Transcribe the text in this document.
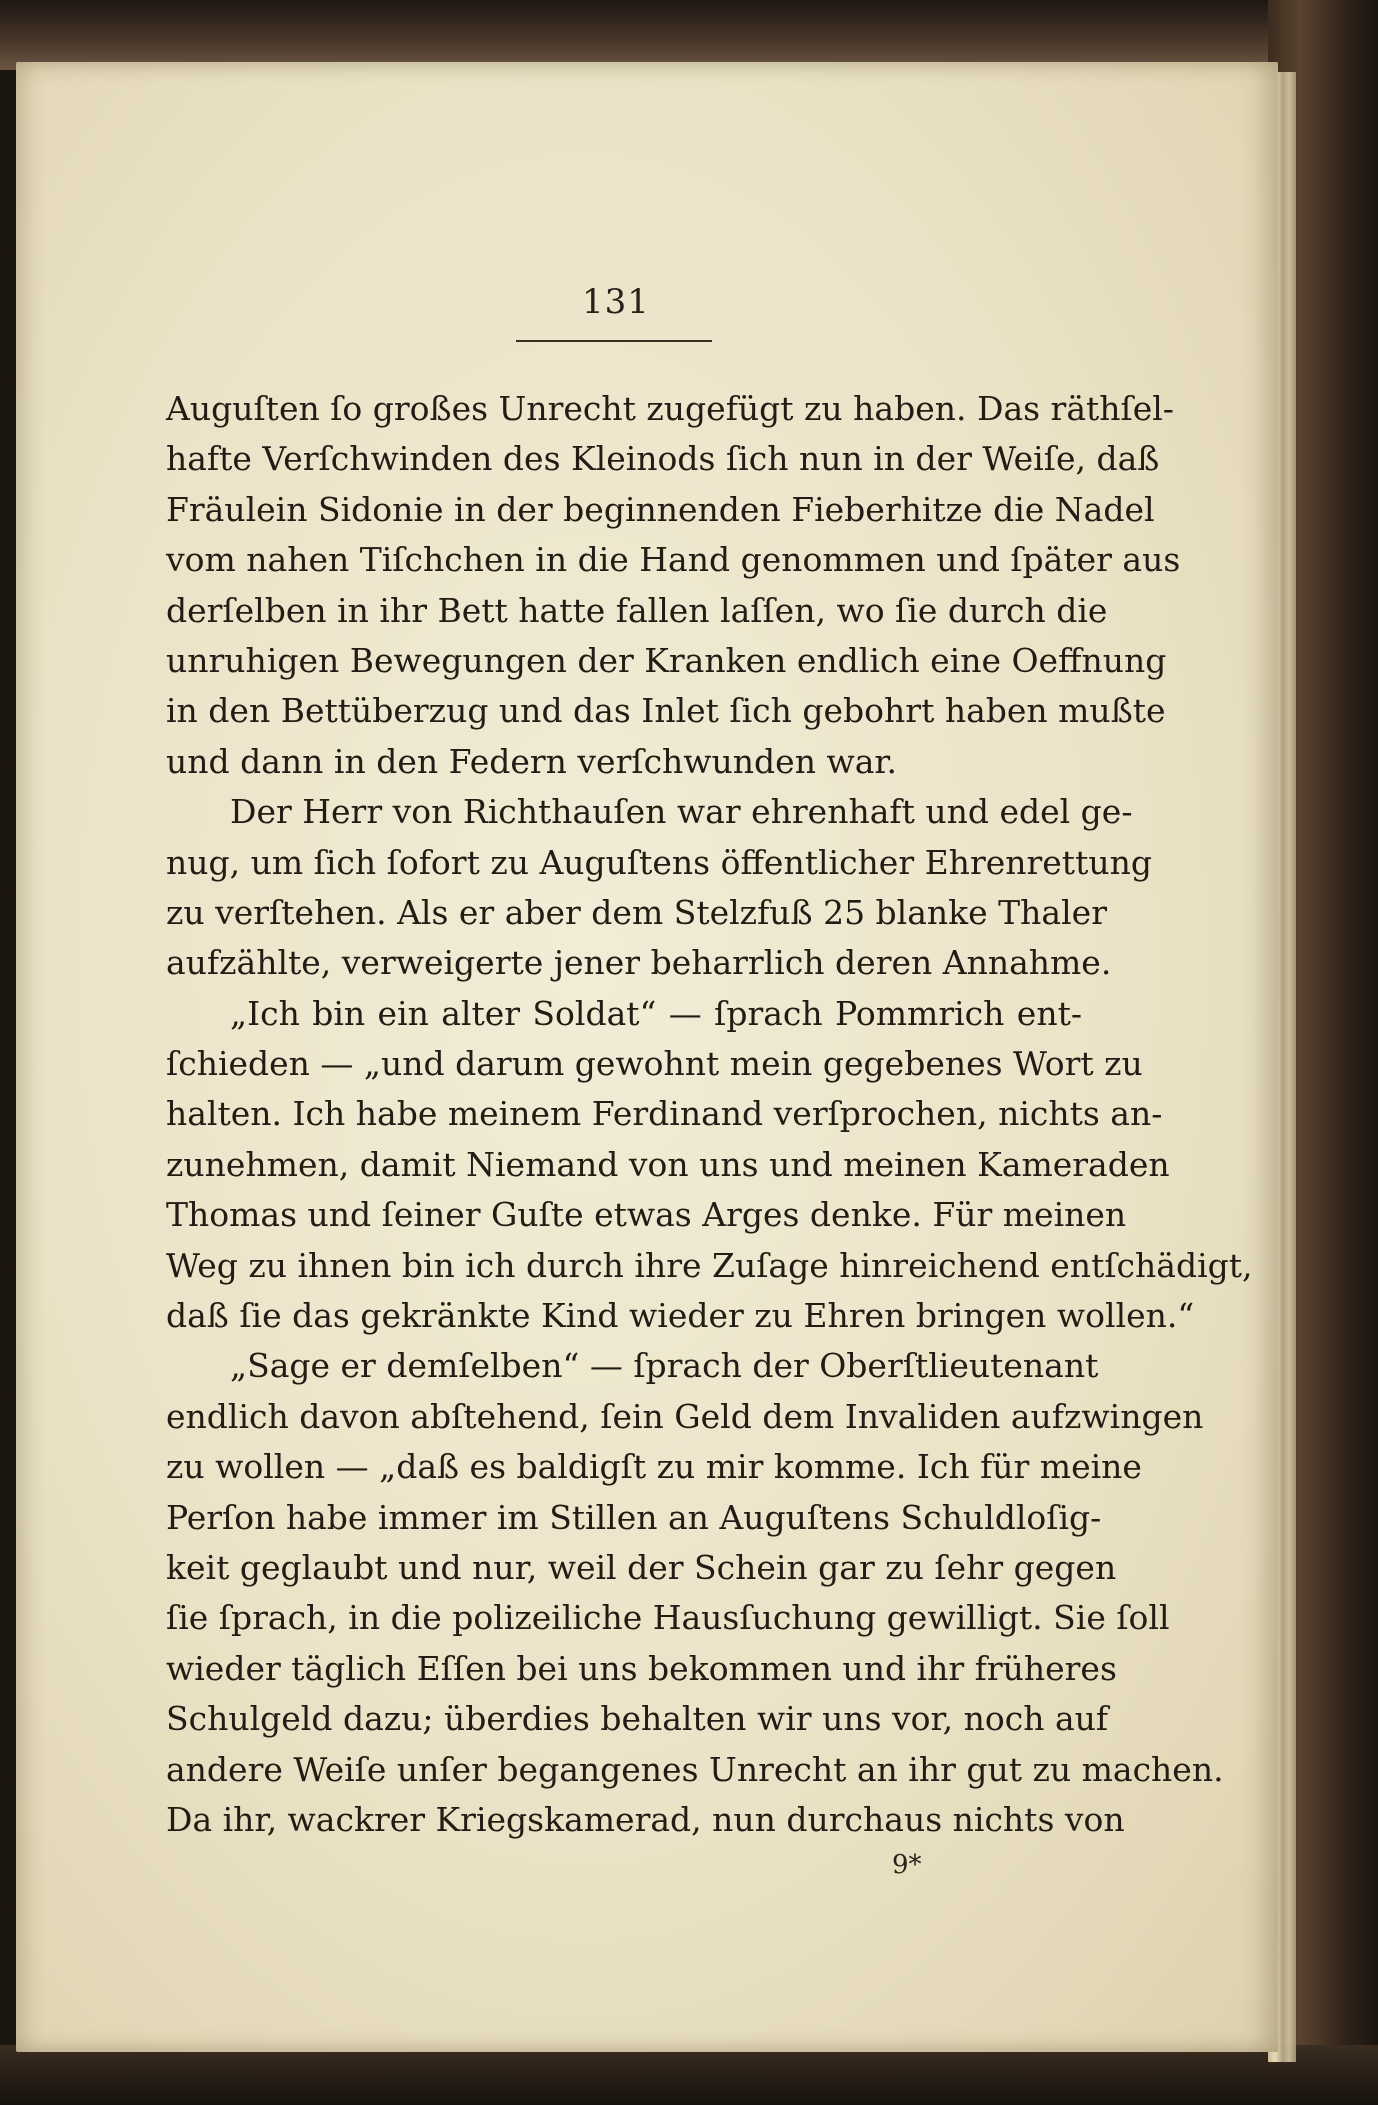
131
Auguſten ſo großes Unrecht zugefügt zu haben. Das räthſel-
hafte Verſchwinden des Kleinods ſich nun in der Weiſe, daß
Fräulein Sidonie in der beginnenden Fieberhitze die Nadel
vom nahen Tiſchchen in die Hand genommen und ſpäter aus
derſelben in ihr Bett hatte fallen laſſen, wo ſie durch die
unruhigen Bewegungen der Kranken endlich eine Oeffnung
in den Bettüberzug und das Inlet ſich gebohrt haben mußte
und dann in den Federn verſchwunden war.
Der Herr von Richthauſen war ehrenhaft und edel ge-
nug, um ſich ſofort zu Auguſtens öffentlicher Ehrenrettung
zu verſtehen. Als er aber dem Stelzfuß 25 blanke Thaler
aufzählte, verweigerte jener beharrlich deren Annahme.
„Ich bin ein alter Soldat“ — ſprach Pommrich ent-
ſchieden — „und darum gewohnt mein gegebenes Wort zu
halten. Ich habe meinem Ferdinand verſprochen, nichts an-
zunehmen, damit Niemand von uns und meinen Kameraden
Thomas und ſeiner Guſte etwas Arges denke. Für meinen
Weg zu ihnen bin ich durch ihre Zuſage hinreichend entſchädigt,
daß ſie das gekränkte Kind wieder zu Ehren bringen wollen.“
„Sage er demſelben“ — ſprach der Oberſtlieutenant
endlich davon abſtehend, ſein Geld dem Invaliden aufzwingen
zu wollen — „daß es baldigſt zu mir komme. Ich für meine
Perſon habe immer im Stillen an Auguſtens Schuldloſig-
keit geglaubt und nur, weil der Schein gar zu ſehr gegen
ſie ſprach, in die polizeiliche Hausſuchung gewilligt. Sie ſoll
wieder täglich Eſſen bei uns bekommen und ihr früheres
Schulgeld dazu; überdies behalten wir uns vor, noch auf
andere Weiſe unſer begangenes Unrecht an ihr gut zu machen.
Da ihr, wackrer Kriegskamerad, nun durchaus nichts von
9*
